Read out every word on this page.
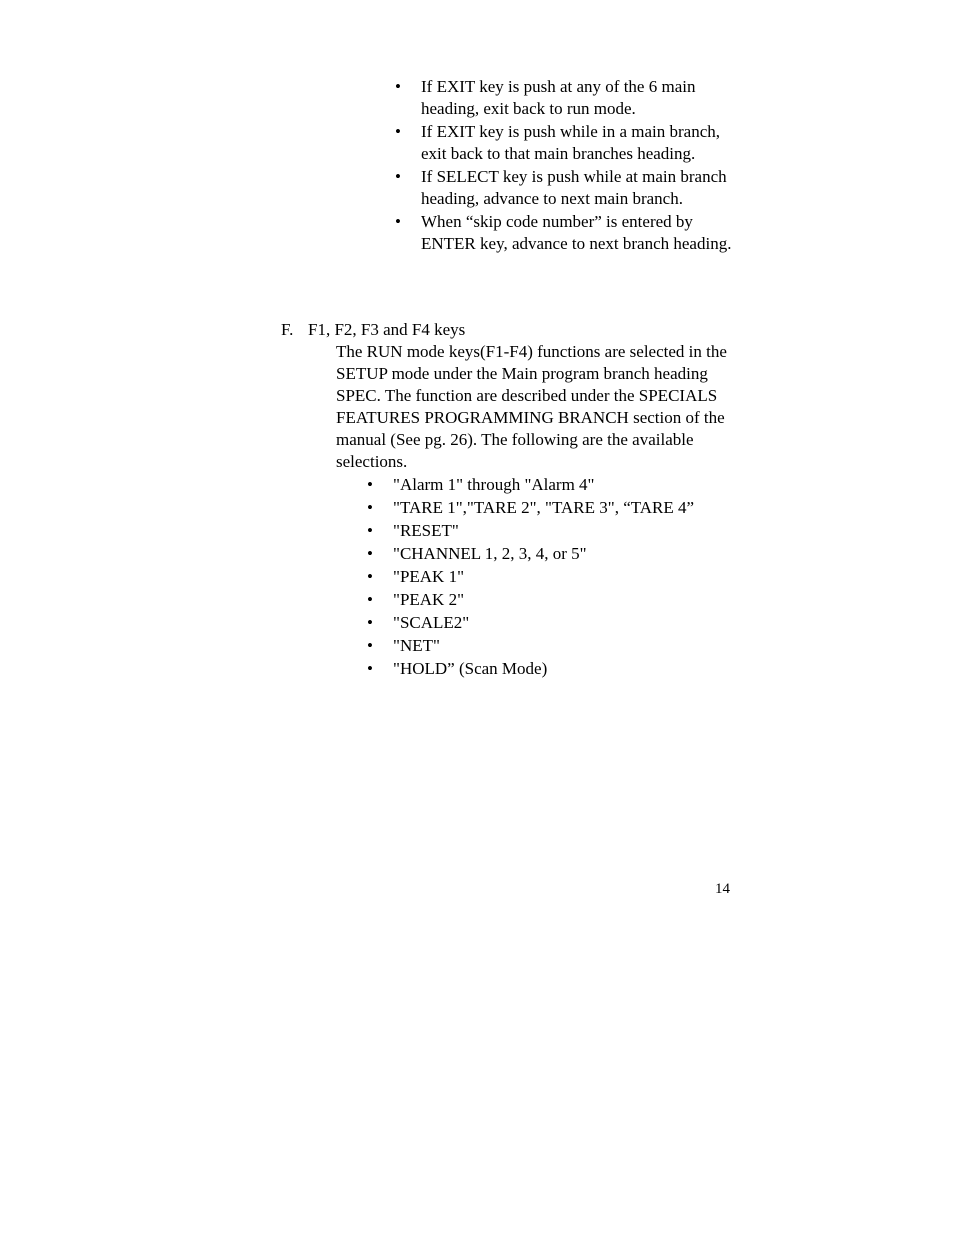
• If EXIT key is push at any of the 6 main heading, exit back to run mode.
• If EXIT key is push while in a main branch, exit back to that main branches heading.
• If SELECT key is push while at main branch heading, advance to next main branch.
• When “skip code number” is entered by ENTER key, advance to next branch heading.
F. F1, F2, F3 and F4 keys
The RUN mode keys(F1-F4) functions are selected in the SETUP mode under the Main program branch heading SPEC. The function are described under the SPECIALS FEATURES PROGRAMMING BRANCH section of the manual (See pg. 26). The following are the available selections.
• "Alarm 1" through "Alarm 4"
• "TARE 1","TARE 2", "TARE 3", “TARE 4”
• "RESET"
• "CHANNEL 1, 2, 3, 4, or 5"
• "PEAK 1"
• "PEAK 2"
• "SCALE2"
• "NET"
• "HOLD” (Scan Mode)
14
